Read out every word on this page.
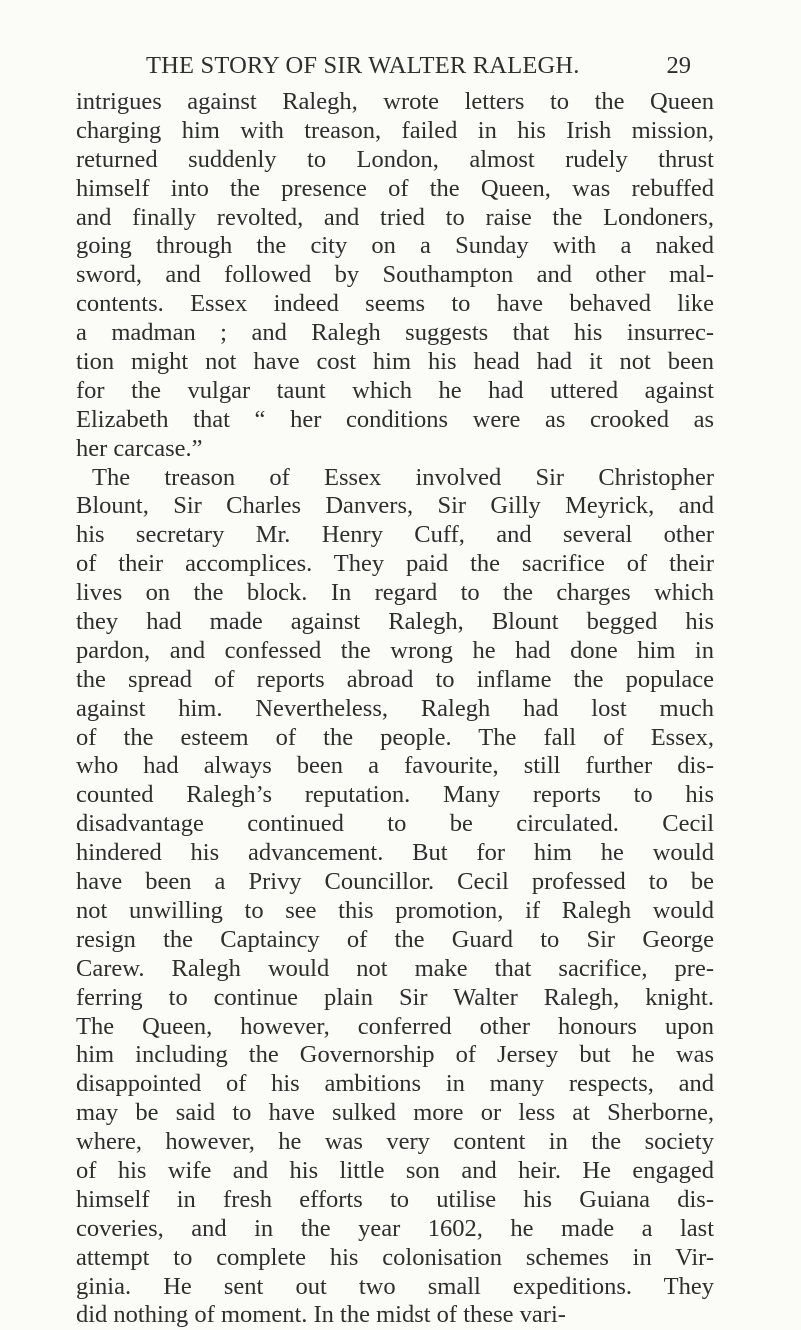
THE STORY OF SIR WALTER RALEGH.	29
intrigues against Ralegh, wrote letters to the Queen
charging him with treason, failed in his Irish mission,
returned suddenly to London, almost rudely thrust
himself into the presence of the Queen, was rebuffed
and finally revolted, and tried to raise the Londoners,
going through the city on a Sunday with a naked
sword, and followed by Southampton and other mal-
contents. Essex indeed seems to have behaved like
a madman ; and Ralegh suggests that his insurrec-
tion might not have cost him his head had it not been
for the vulgar taunt which he had uttered against
Elizabeth that “ her conditions were as crooked as
her carcase.”
The treason of Essex involved Sir Christopher
Blount, Sir Charles Danvers, Sir Gilly Meyrick, and
his secretary Mr. Henry Cuff, and several other
of their accomplices. They paid the sacrifice of their
lives on the block. In regard to the charges which
they had made against Ralegh, Blount begged his
pardon, and confessed the wrong he had done him in
the spread of reports abroad to inflame the populace
against him. Nevertheless, Ralegh had lost much
of the esteem of the people. The fall of Essex,
who had always been a favourite, still further dis-
counted Ralegh’s reputation. Many reports to his
disadvantage continued to be circulated. Cecil
hindered his advancement. But for him he would
have been a Privy Councillor. Cecil professed to be
not unwilling to see this promotion, if Ralegh would
resign the Captaincy of the Guard to Sir George
Carew. Ralegh would not make that sacrifice, pre-
ferring to continue plain Sir Walter Ralegh, knight.
The Queen, however, conferred other honours upon
him including the Governorship of Jersey but he was
disappointed of his ambitions in many respects, and
may be said to have sulked more or less at Sherborne,
where, however, he was very content in the society
of his wife and his little son and heir. He engaged
himself in fresh efforts to utilise his Guiana dis-
coveries, and in the year 1602, he made a last
attempt to complete his colonisation schemes in Vir-
ginia. He sent out two small expeditions. They
did nothing of moment. In the midst of these vari-
